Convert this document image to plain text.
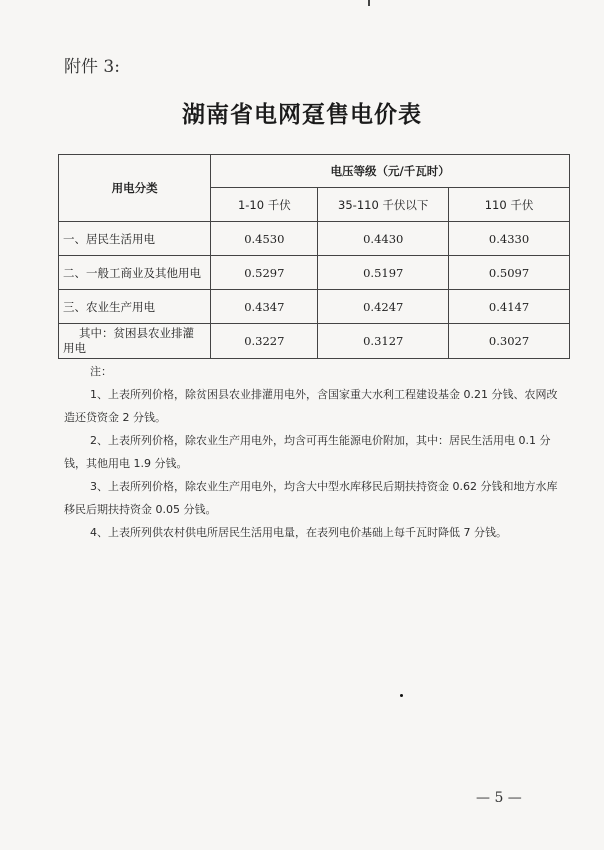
附件 3:
湖南省电网趸售电价表
用电分类	电压等级（元/千瓦时）		
	1-10 千伏	35-110 千伏以下	110 千伏
一、居民生活用电	0.4530	0.4430	0.4330
二、一般工商业及其他用电	0.5297	0.5197	0.5097
三、农业生产用电	0.4347	0.4247	0.4147
其中：贫困县农业排灌
用电	0.3227	0.3127	0.3027

注：

1、上表所列价格，除贫困县农业排灌用电外，含国家重大水利工程建设基金 0.21 分钱、农网改造还贷资金 2 分钱。

2、上表所列价格，除农业生产用电外，均含可再生能源电价附加，其中：居民生活用电 0.1 分钱，其他用电 1.9 分钱。

3、上表所列价格，除农业生产用电外，均含大中型水库移民后期扶持资金 0.62 分钱和地方水库移民后期扶持资金 0.05 分钱。

4、上表所列供农村供电所居民生活用电量，在表列电价基础上每千瓦时降低 7 分钱。

— 5 —
